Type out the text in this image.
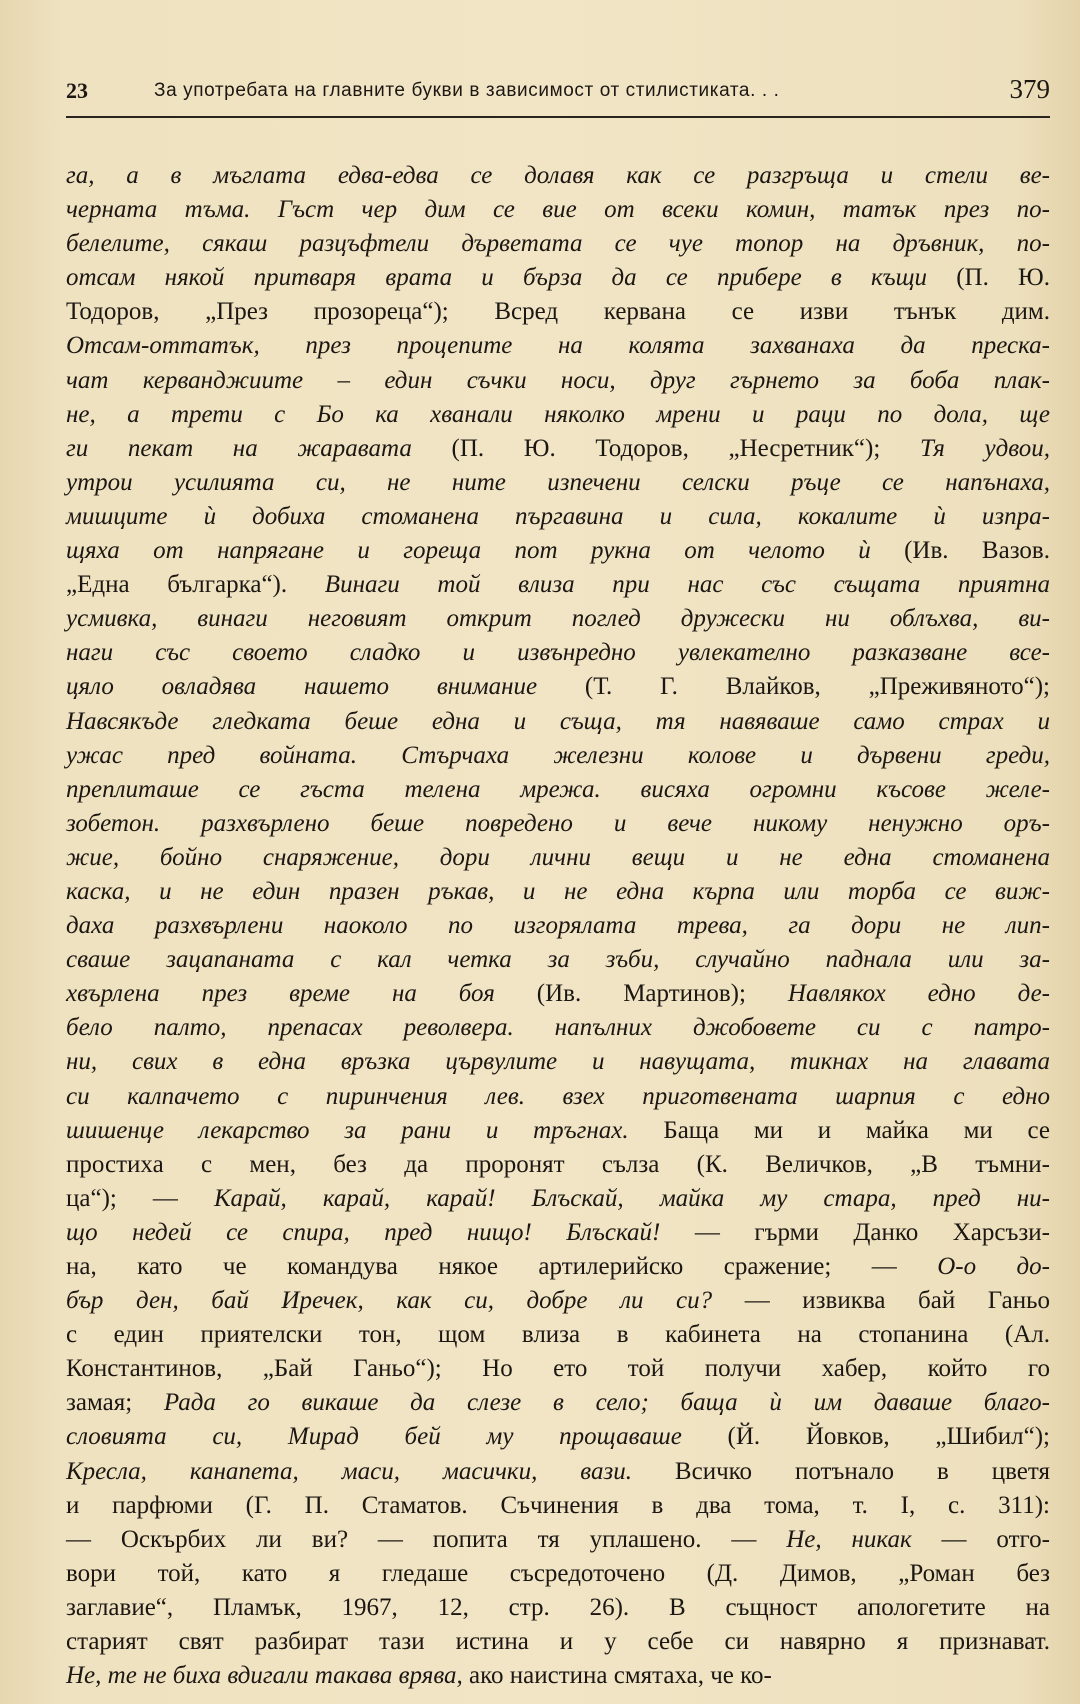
23	За употребата на главните букви в зависимост от стилистиката. . .	379
га, а в мъглата едва-едва се долавя как се разгръща и стели ве-
черната тъма. Гъст чер дим се вие от всеки комин, татък през по-
белелите, сякаш разцъфтели дърветата се чуе топор на дръвник, по-
отсам някой притваря врата и бърза да се прибере в къщи (П. Ю.
Тодоров, „През прозореца“); Всред керванa се изви тънък дим.
Отсам-оттатък, през процепите на колята захванаха да преска-
чат керванджиите – един съчки носи, друг гърнето за боба плак-
не, а трети с Бо ка хванали няколко мрени и раци по дола, ще
ги пекат на жаравата (П. Ю. Тодоров, „Несретник“); Тя удвои,
утрои усилията си, не ните изпечени селски ръце се напънаха,
мишците ѝ добиха стоманена пъргавина и сила, кокалите ѝ изпра-
щяха от напрягане и гореща пот рукна от челото ѝ (Ив. Вазов.
„Една българка“). Винаги той влиза при нас със същата приятна
усмивка, винаги неговият открит поглед дружески ни облъхва, ви-
наги със своето сладко и извънредно увлекателно разказване все-
цяло овладява нашето внимание (Т. Г. Влайков, „Преживяното“);
Навсякъде гледката беше една и съща, тя навяваше само страх и
ужас пред войната. Стърчаха железни колове и дървени греди,
преплиташе се гъста телена мрежа. висяха огромни късове желе-
зобетон. разхвърлено беше повредено и вече никому ненужно оръ-
жие, бойно снаряжение, дори лични вещи и не една стоманена
каска, и не един празен ръкав, и не една кърпа или торба се виж-
даха разхвърлени наоколо по изгорялата трева, га дори не лип-
сваше зацапаната с кал четка за зъби, случайно паднала или за-
хвърлена през време на боя (Ив. Мартинов); Навлякох едно де-
бело палто, препасах револвера. напълних джобовете си с патро-
ни, свих в една връзка цървулите и навущата, тикнах на главата
си калпачето с пиринчения лев. взех приготвената шарпия с едно
шишенце лекарство за рани и тръгнах. Баща ми и майка ми се
простиха с мен, без да проронят сълза (К. Величков, „В тъмни-
ца“); — Карай, карай, карай! Блъскай, майка му стара, пред ни-
що недей се спира, пред нищо! Блъскай! — гърми Данко Харсъзи-
на, като че командува някое артилерийско сражение; — О-о до-
бър ден, бай Иречек, как си, добре ли си? — извиква бай Ганьо
с един приятелски тон, щом влиза в кабинета на стопанина (Ал.
Константинов, „Бай Ганьо“); Но ето той получи хабер, който го
замая; Рада го викаше да слезе в село; баща ѝ им даваше благо-
словията си, Мирад бей му прощаваше (Й. Йовков, „Шибил“);
Кресла, канапета, маси, масички, вази. Всичко потънало в цветя
и парфюми (Г. П. Стаматов. Съчинения в два тома, т. I, с. 311):
— Оскърбих ли ви? — попита тя уплашено. — Не, никак — отго-
вори той, като я гледаше съсредоточено (Д. Димов, „Роман без
заглавие“, Пламък, 1967, 12, стр. 26). В същност апологетите на
старият свят разбират тази истина и у себе си навярно я признават.
Не, те не биха вдигали такава врява, ако наистина смятаха, че ко-
